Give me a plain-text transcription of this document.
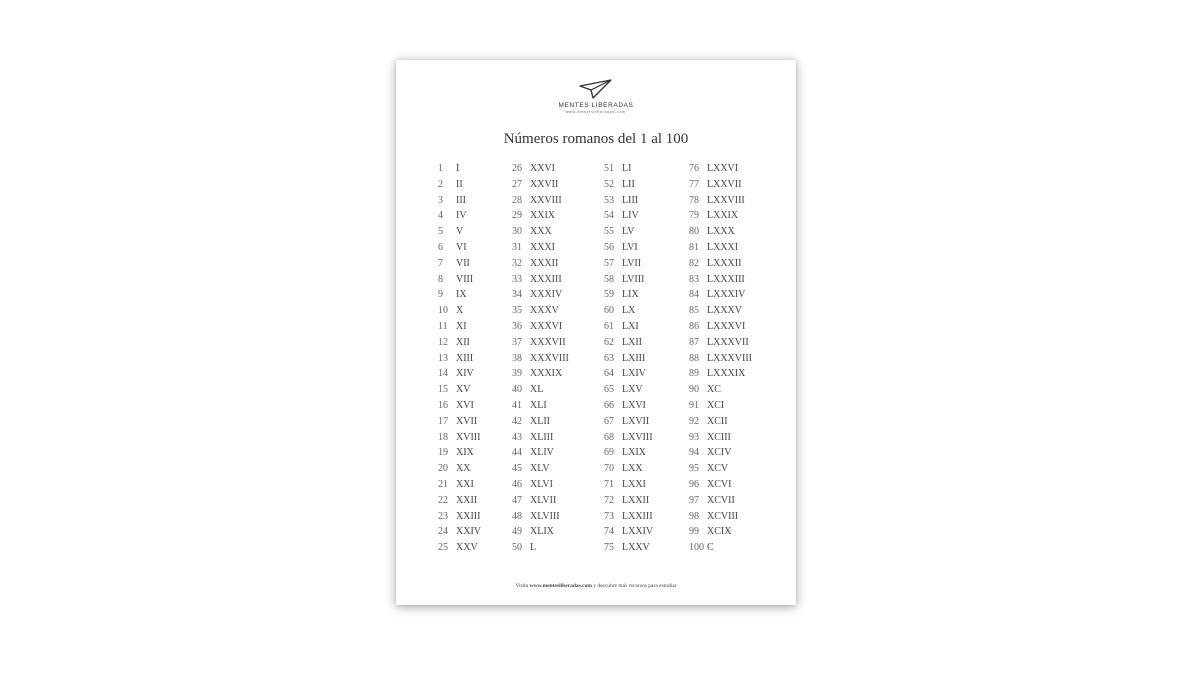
MENTES LIBERADAS
www.mentesliberadas.com
Números romanos del 1 al 100
1 I
2 II
3 III
4 IV
5 V
6 VI
7 VII
8 VIII
9 IX
10 X
11 XI
12 XII
13 XIII
14 XIV
15 XV
16 XVI
17 XVII
18 XVIII
19 XIX
20 XX
21 XXI
22 XXII
23 XXIII
24 XXIV
25 XXV
26 XXVI
27 XXVII
28 XXVIII
29 XXIX
30 XXX
31 XXXI
32 XXXII
33 XXXIII
34 XXXIV
35 XXXV
36 XXXVI
37 XXXVII
38 XXXVIII
39 XXXIX
40 XL
41 XLI
42 XLII
43 XLIII
44 XLIV
45 XLV
46 XLVI
47 XLVII
48 XLVIII
49 XLIX
50 L
51 LI
52 LII
53 LIII
54 LIV
55 LV
56 LVI
57 LVII
58 LVIII
59 LIX
60 LX
61 LXI
62 LXII
63 LXIII
64 LXIV
65 LXV
66 LXVI
67 LXVII
68 LXVIII
69 LXIX
70 LXX
71 LXXI
72 LXXII
73 LXXIII
74 LXXIV
75 LXXV
76 LXXVI
77 LXXVII
78 LXXVIII
79 LXXIX
80 LXXX
81 LXXXI
82 LXXXII
83 LXXXIII
84 LXXXIV
85 LXXXV
86 LXXXVI
87 LXXXVII
88 LXXXVIII
89 LXXXIX
90 XC
91 XCI
92 XCII
93 XCIII
94 XCIV
95 XCV
96 XCVI
97 XCVII
98 XCVIII
99 XCIX
100 C
Visita www.mentesliberadas.com y descubre más recursos para estudiar
